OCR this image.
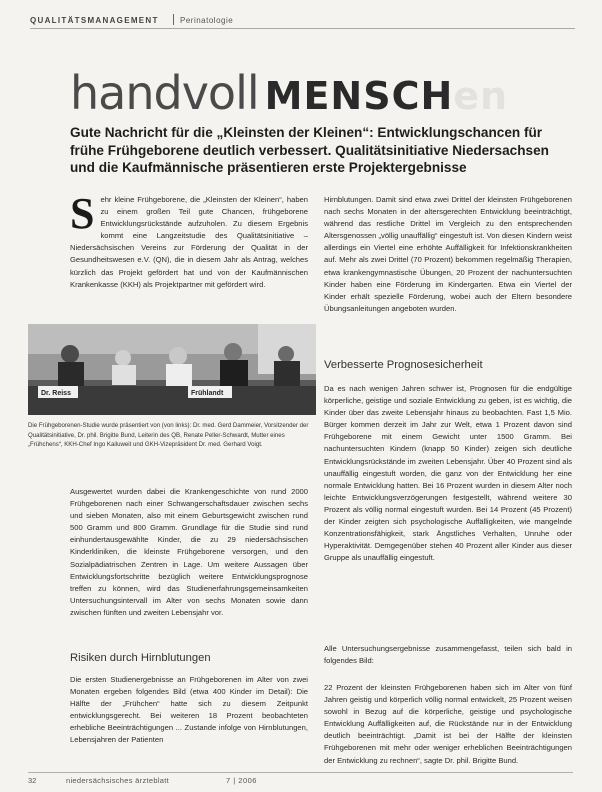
QUALITÄTSMANAGEMENT	Perinatologie
handvoll MENSCHen
Gute Nachricht für die „Kleinsten der Kleinen“: Entwicklungschancen für frühe Frühgeborene deutlich verbessert. Qualitätsinitiative Niedersachsen und die Kaufmännische präsentieren erste Projektergebnisse
S ehr kleine Frühgeborene, die „Kleinsten der Kleinen“, haben zu einem großen Teil gute Chancen, frühgeborene Entwicklungsrückstände aufzuholen. Zu diesem Ergebnis kommt eine Langzeitstudie des Qualitätsinitiative – Niedersächsischen Vereins zur Förderung der Qualität in der Gesundheitswesen e.V. (QN), die in diesem Jahr als Antrag, welches kürzlich das Projekt gefördert hat und von der Kaufmännischen Krankenkasse (KKH) als Projektpartner mit gefördert wird.
Dr. Reiss	Frühlandt
Die Frühgeborenen-Studie wurde präsentiert von (von links): Dr. med. Gerd Dammeier, Vorsitzender der Qualitätsinitiative, Dr. phil. Brigitte Bund, Leiterin des QB, Renate Peller-Schwardt, Mutter eines „Frühchens“, KKH-Chef Ingo Kailuweit und GKH-Vizepräsident Dr. med. Gerhard Voigt.
Ausgewertet wurden dabei die Krankengeschichte von rund 2000 Frühgeborenen nach einer Schwangerschaftsdauer zwischen sechs und sieben Monaten, also mit einem Geburtsgewicht zwischen rund 500 Gramm und 800 Gramm. Grundlage für die Studie sind rund einhundertausgewählte Kinder, die zu 29 niedersächsischen Kinderkliniken, die kleinste Frühgeborene versorgen, und den Sozialpädiatrischen Zentren in Lage. Um weitere Aussagen über Entwicklungsfortschritte bezüglich weitere Entwicklungsprognose treffen zu können, wird das Studienerfahrungsgemeinsamkeiten Untersuchungsintervall im Alter von sechs Monaten sowie dann zwischen fünften und zweiten Lebensjahr vor.
Risiken durch Hirnblutungen
Die ersten Studienergebnisse an Frühgeborenen im Alter von zwei Monaten ergeben folgendes Bild (etwa 400 Kinder im Detail): Die Hälfte der „Frühchen“ hatte sich zu diesem Zeitpunkt entwicklungsgerecht. Bei weiteren 18 Prozent beobachteten erhebliche Beeinträchtigungen ... Zustande infolge von Hirnblutungen, Lebensjahren der Patienten
Hirnblutungen. Damit sind etwa zwei Drittel der kleinsten Frühgeborenen nach sechs Monaten in der altersgerechten Entwicklung beeinträchtigt, während das restliche Drittel im Vergleich zu den entsprechenden Altersgenossen „völlig unauffällig“ eingestuft ist. Von diesen Kindern weist allerdings ein Viertel eine erhöhte Auffälligkeit für Infektionskrankheiten auf. Mehr als zwei Drittel (70 Prozent) bekommen regelmäßig Therapien, etwa krankengymnastische Übungen, 20 Prozent der nachuntersuchten Kinder haben eine Förderung im Kindergarten. Etwa ein Viertel der Kinder erhält spezielle Förderung, wobei auch der Eltern besondere Übungsanleitungen angeboten wurden.
Verbesserte Prognosesicherheit
Da es nach wenigen Jahren schwer ist, Prognosen für die endgültige körperliche, geistige und soziale Entwicklung zu geben, ist es wichtig, die Kinder über das zweite Lebensjahr hinaus zu beobachten. Fast 1,5 Mio. Bürger kommen derzeit im Jahr zur Welt, etwa 1 Prozent davon sind Frühgeborene mit einem Gewicht unter 1500 Gramm. Bei nachuntersuchten Kindern (knapp 50 Kinder) zeigen sich deutliche Entwicklungsrückstände im zweiten Lebensjahr. Über 40 Prozent sind als unauffällig eingestuft worden, die ganz von der Entwicklung her eine normale Entwicklung hatten. Bei 16 Prozent wurden in diesem Alter noch leichte Entwicklungsverzögerungen festgestellt, während weitere 30 Prozent als völlig normal eingestuft wurden. Bei 14 Prozent (45 Prozent) der Kinder zeigten sich psychologische Auffälligkeiten, wie mangelnde Konzentrationsfähigkeit, stark Ängstliches Verhalten, Unruhe oder Hyperaktivität. Demgegenüber stehen 40 Prozent aller Kinder aus dieser Gruppe als unauffällig eingestuft.
Alle Untersuchungsergebnisse zusammengefasst, teilen sich bald in folgendes Bild:
22 Prozent der kleinsten Frühgeborenen haben sich im Alter von fünf Jahren geistig und körperlich völlig normal entwickelt, 25 Prozent weisen sowohl in Bezug auf die körperliche, geistige und psychologische Entwicklung Auffälligkeiten auf, die Rückstände nur in der Entwicklung deutlich beeinträchtigt. „Damit ist bei der Hälfte der kleinsten Frühgeborenen mit mehr oder weniger erheblichen Beeinträchtigungen der Entwicklung zu rechnen“, sagte Dr. phil. Brigitte Bund.
32	niedersächsisches ärzteblatt	7 | 2006
